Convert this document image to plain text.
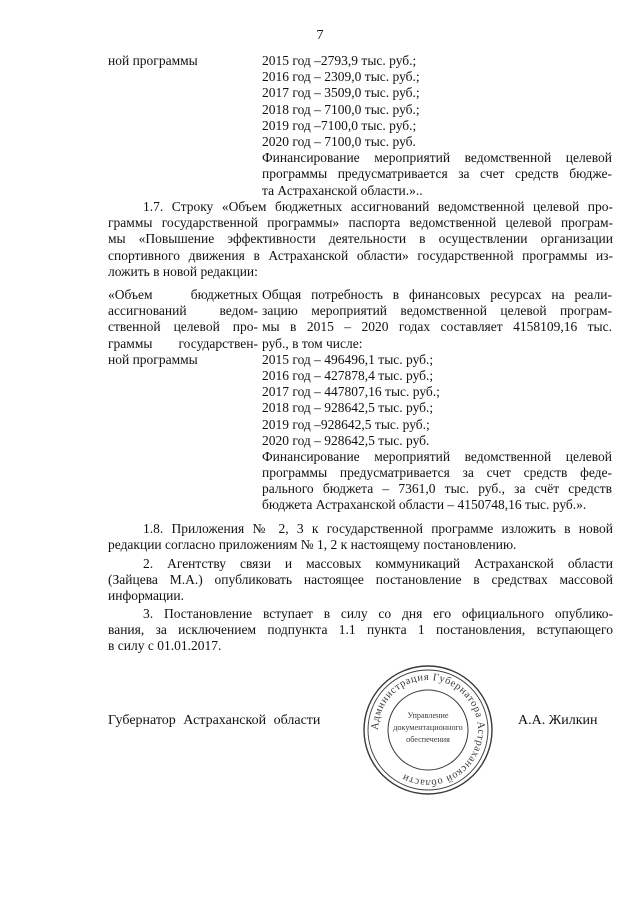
7
ной программы	2015 год –2793,9 тыс. руб.;
2016 год – 2309,0 тыс. руб.;
2017 год – 3509,0 тыс. руб.;
2018 год – 7100,0 тыс. руб.;
2019 год –7100,0 тыс. руб.;
2020 год – 7100,0 тыс. руб.
Финансирование мероприятий ведомственной целевой
программы предусматривается за счет средств бюдже-
та Астраханской области.»..
1.7. Строку «Объем бюджетных ассигнований ведомственной целевой про-
граммы государственной программы» паспорта ведомственной целевой програм-
мы «Повышение эффективности деятельности в осуществлении организации
спортивного движения в Астраханской области» государственной программы из-
ложить в новой редакции:
«Объем бюджетных
ассигнований ведом-
ственной целевой про-
граммы государствен-
ной программы
Общая потребность в финансовых ресурсах на реали-
зацию мероприятий ведомственной целевой програм-
мы в 2015 – 2020 годах составляет 4158109,16 тыс.
руб., в том числе:
2015 год – 496496,1 тыс. руб.;
2016 год – 427878,4 тыс. руб.;
2017 год – 447807,16 тыс. руб.;
2018 год – 928642,5 тыс. руб.;
2019 год –928642,5 тыс. руб.;
2020 год – 928642,5 тыс. руб.
Финансирование мероприятий ведомственной целевой
программы предусматривается за счет средств феде-
рального бюджета – 7361,0 тыс. руб., за счёт средств
бюджета Астраханской области – 4150748,16 тыс. руб.».
1.8. Приложения № 2, 3 к государственной программе изложить в новой
редакции согласно приложениям № 1, 2 к настоящему постановлению.
2. Агентству связи и массовых коммуникаций Астраханской области
(Зайцева М.А.) опубликовать настоящее постановление в средствах массовой
информации.
3. Постановление вступает в силу со дня его официального опублико-
вания, за исключением подпункта 1.1 пункта 1 постановления, вступающего
в силу с 01.01.2017.
Губернатор Астраханской области	А.А. Жилкин
Администрация Губернатора Астраханской области
Управление
документационного
обеспечения
